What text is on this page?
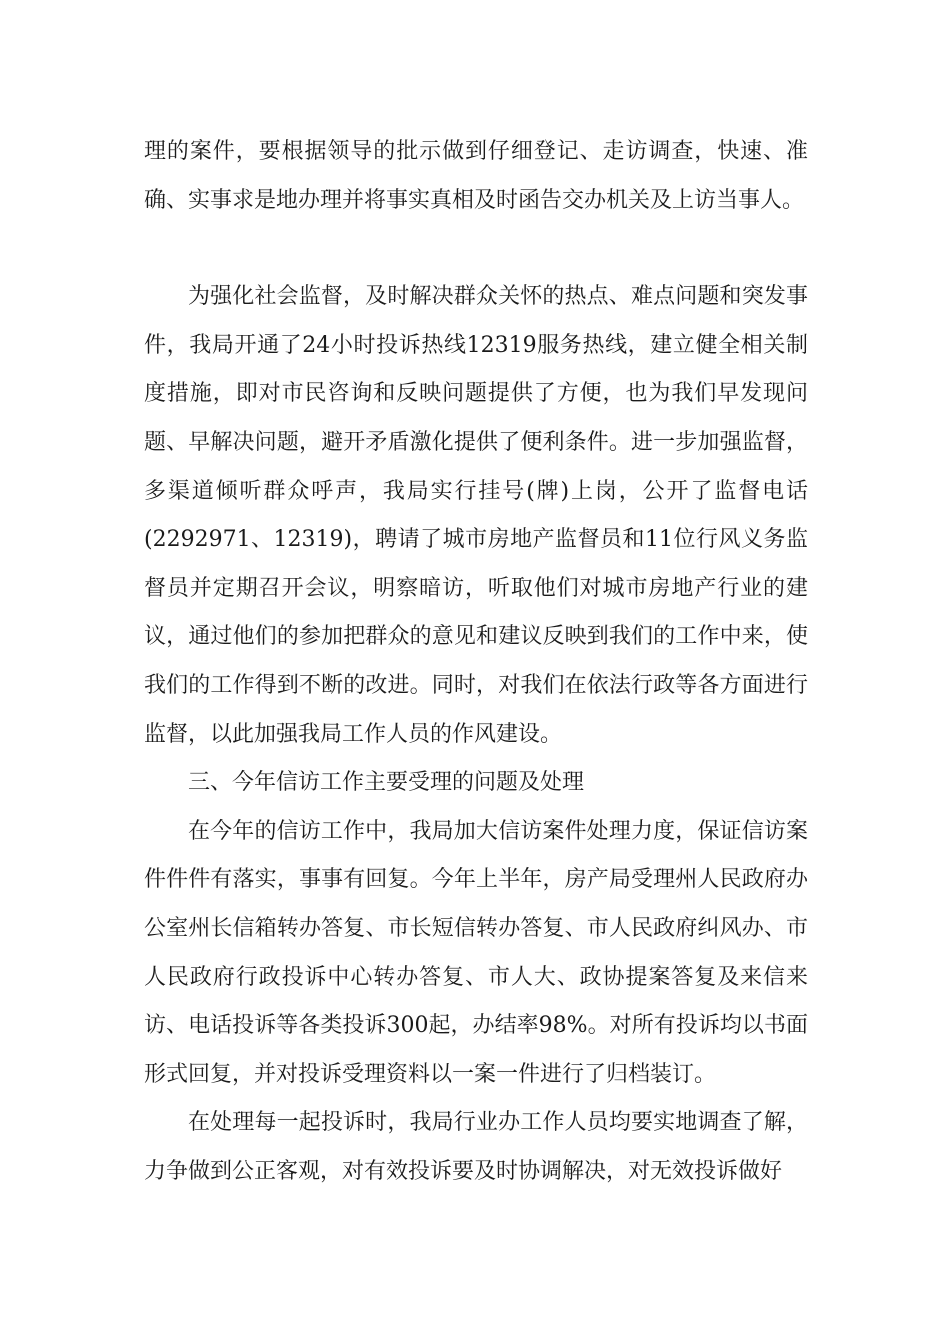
理的案件，要根据领导的批示做到仔细登记、走访调查，快速、准确、实事求是地办理并将事实真相及时函告交办机关及上访当事人。

为强化社会监督，及时解决群众关怀的热点、难点问题和突发事件，我局开通了24小时投诉热线12319服务热线，建立健全相关制度措施，即对市民咨询和反映问题提供了方便，也为我们早发现问题、早解决问题，避开矛盾激化提供了便利条件。进一步加强监督，多渠道倾听群众呼声，我局实行挂号(牌)上岗，公开了监督电话(2292971、12319)，聘请了城市房地产监督员和11位行风义务监督员并定期召开会议，明察暗访，听取他们对城市房地产行业的建议，通过他们的参加把群众的意见和建议反映到我们的工作中来，使我们的工作得到不断的改进。同时，对我们在依法行政等各方面进行监督，以此加强我局工作人员的作风建设。

三、今年信访工作主要受理的问题及处理

在今年的信访工作中，我局加大信访案件处理力度，保证信访案件件件有落实，事事有回复。今年上半年，房产局受理州人民政府办公室州长信箱转办答复、市长短信转办答复、市人民政府纠风办、市人民政府行政投诉中心转办答复、市人大、政协提案答复及来信来访、电话投诉等各类投诉300起，办结率98%。对所有投诉均以书面形式回复，并对投诉受理资料以一案一件进行了归档装订。

在处理每一起投诉时，我局行业办工作人员均要实地调查了解，力争做到公正客观，对有效投诉要及时协调解决，对无效投诉做好
